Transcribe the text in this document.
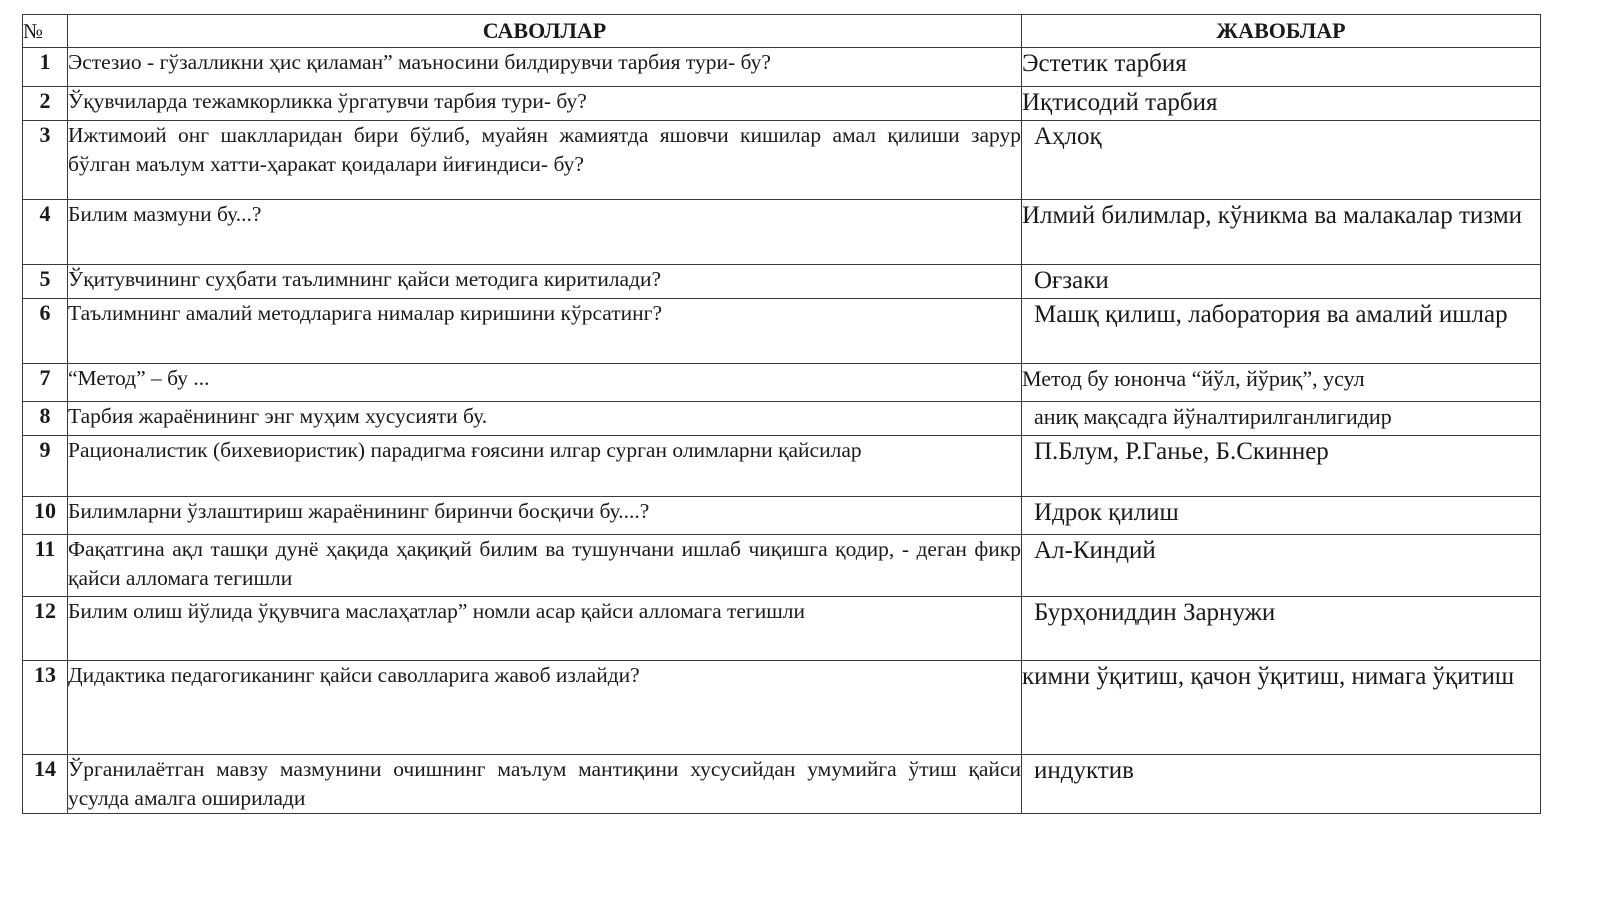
№	САВОЛЛАР	ЖАВОБЛАР
1	Эстезио - гўзалликни ҳис қиламан” маъносини билдирувчи тарбия тури- бу?	Эстетик тарбия
2	Ўқувчиларда тежамкорликка ўргатувчи тарбия тури- бу?	Иқтисодий тарбия
3	Ижтимоий онг шаклларидан бири бўлиб, муайян жамиятда яшовчи кишилар амал қилиши зарур бўлган маълум хатти-ҳаракат қоидалари йиғиндиси- бу?	Аҳлоқ
4	Билим мазмуни бу...?	Илмий билимлар, кўникма ва малакалар тизми
5	Ўқитувчининг суҳбати таълимнинг қайси методига киритилади?	Оғзаки
6	Таълимнинг амалий методларига нималар киришини кўрсатинг?	Машқ қилиш, лаборатория ва амалий ишлар
7	“Метод” – бу ...	Метод бу юнонча “йўл, йўриқ”, усул
8	Тарбия жараёнининг энг муҳим хусусияти бу.	аниқ мақсадга йўналтирилганлигидир
9	Рационалистик (бихевиористик) парадигма ғоясини илгар сурган олимларни қайсилар	П.Блум, Р.Ганье, Б.Скиннер
10	Билимларни ўзлаштириш жараёнининг биринчи босқичи бу....?	Идрок қилиш
11	Фақатгина ақл ташқи дунё ҳақида ҳақиқий билим ва тушунчани ишлаб чиқишга қодир, - деган фикр қайси алломага тегишли	Ал-Киндий
12	Билим олиш йўлида ўқувчига маслаҳатлар” номли асар қайси алломага тегишли	Бурҳониддин Зарнужи
13	Дидактика педагогиканинг қайси саволларига жавоб излайди?	кимни ўқитиш, қачон ўқитиш, нимага ўқитиш
14	Ўрганилаётган мавзу мазмунини очишнинг маълум мантиқини хусусийдан умумийга ўтиш қайси усулда амалга оширилади	индуктив
